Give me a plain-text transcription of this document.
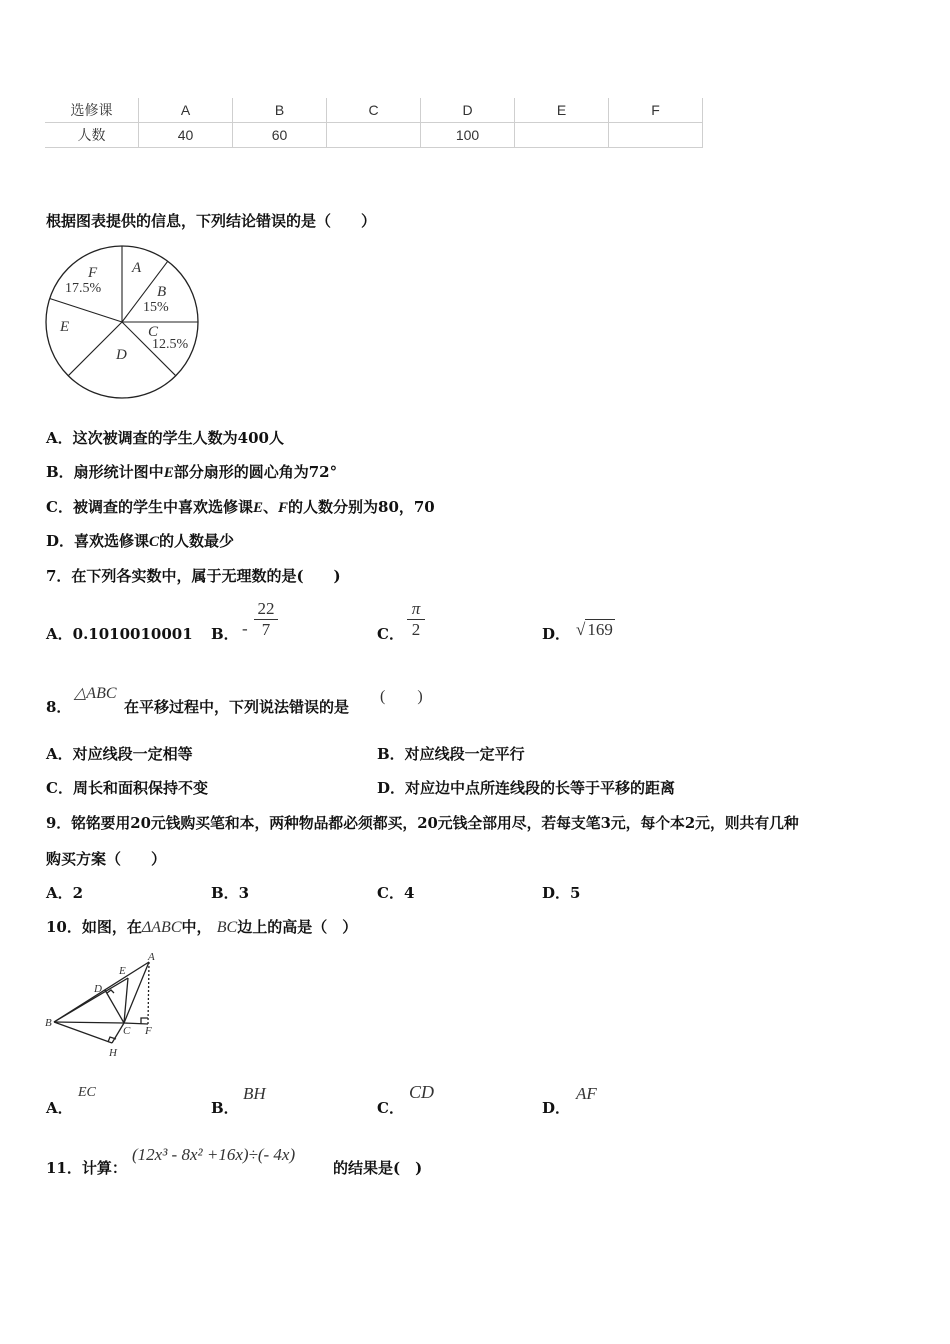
选修课	A	B	C	D	E	F
人数	40	60		100		
根据图表提供的信息，下列结论错误的是（　　）
A
B
15%
C
12.5%
D
E
F
17.5%
A．这次被调查的学生人数为400人
B．扇形统计图中E部分扇形的圆心角为72°
C．被调查的学生中喜欢选修课E、F的人数分别为80，70
D．喜欢选修课C的人数最少
7．在下列各实数中，属于无理数的是(　　)
A．0.1010010001 B． -
22
7	C．
π
2	D． √ 169
8．
△ABC
在平移过程中，下列说法错误的是
(　　)
A．对应线段一定相等	B．对应线段一定平行
C．周长和面积保持不变	D．对应边中点所连线段的长等于平移的距离
9．铭铭要用20元钱购买笔和本，两种物品都必须都买，20元钱全部用尽，若每支笔3元，每个本2元，则共有几种
购买方案（　　）
A．2	B．3	C．4	D．5
10．如图，在ΔABC中， BC边上的高是（　）
A
E
D
B
C F
H
A．
EC
B．
BH
C．
CD
D．
AF
11．计算：
(12x³ - 8x² +16x)÷(- 4x)
的结果是(　)
